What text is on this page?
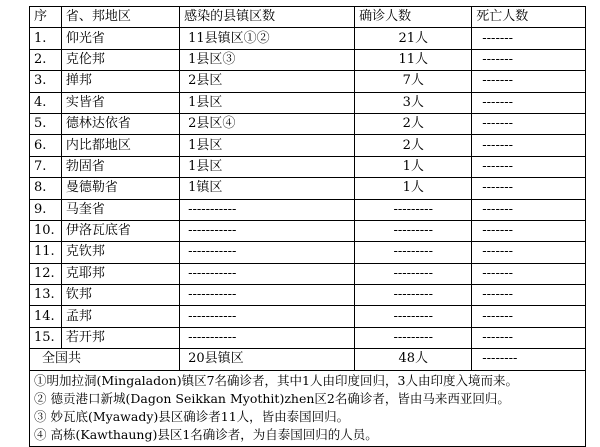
序	省、邦地区	感染的县镇区数	确诊人数	死亡人数
1.	仰光省	11县镇区①②	21人	-------
2.	克伦邦	1县区③	11人	-------
3.	掸邦	2县区	7人	-------
4.	实皆省	1县区	3人	-------
5.	德林达依省	2县区④	2人	-------
6.	内比都地区	1县区	2人	-------
7.	勃固省	1县区	1人	-------
8.	曼德勒省	1镇区	1人	-------
9.	马奎省	-----------	---------	-------
10.	伊洛瓦底省	-----------	---------	-------
11.	克钦邦	-----------	---------	-------
12.	克耶邦	-----------	---------	-------
13.	钦邦	-----------	---------	-------
14.	孟邦	-----------	---------	-------
15.	若开邦	-----------	---------	-------
全国共		20县镇区	48人	--------

①明加拉洞(Mingaladon)镇区7名确诊者，其中1人由印度回归，3人由印度入境而来。
② 德贡港口新城(Dagon Seikkan Myothit)zhen区2名确诊者，皆由马来西亚回归。
③ 妙瓦底(Myawady)县区确诊者11人，皆由泰国回归。
④ 高栋(Kawthaung)县区1名确诊者，为自泰国回归的人员。				
